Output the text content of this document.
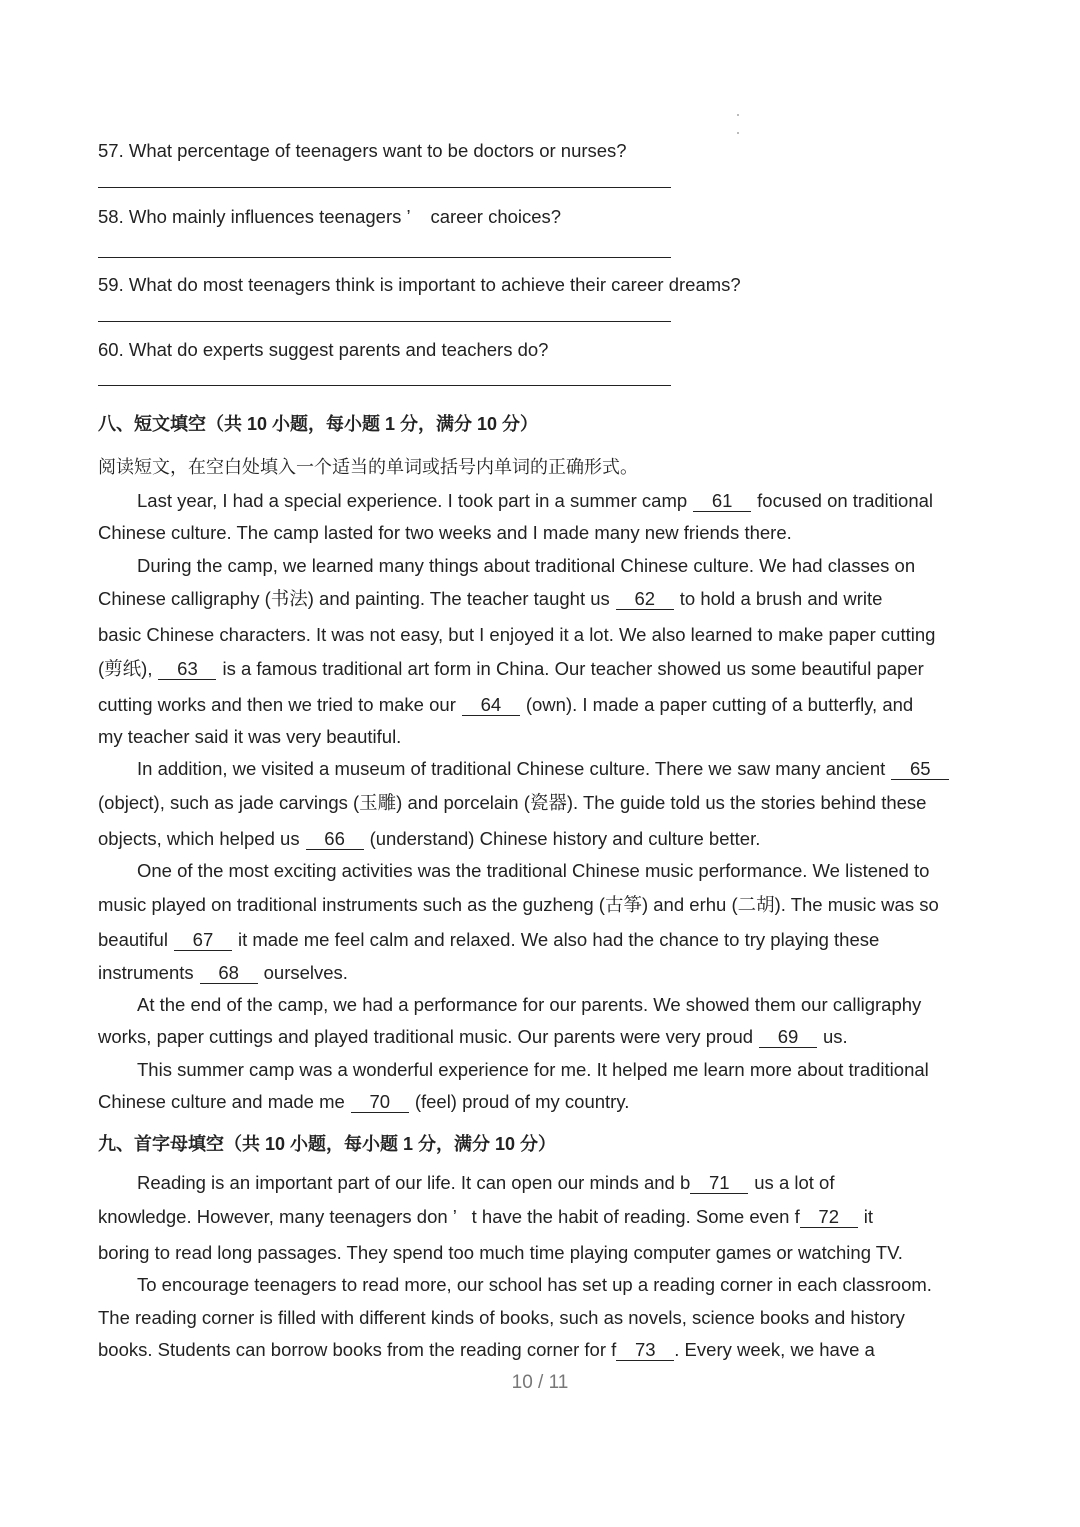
57. What percentage of teenagers want to be doctors or nurses?
58. Who mainly influences teenagers ’    career choices?
59. What do most teenagers think is important to achieve their career dreams?
60. What do experts suggest parents and teachers do?
八、短文填空（共 10 小题，每小题 1 分，满分 10 分）
阅读短文，在空白处填入一个适当的单词或括号内单词的正确形式。
Last year, I had a special experience. I took part in a summer camp 61 focused on traditional
Chinese culture. The camp lasted for two weeks and I made many new friends there.
During the camp, we learned many things about traditional Chinese culture. We had classes on
Chinese calligraphy (书法) and painting. The teacher taught us 62 to hold a brush and write
basic Chinese characters. It was not easy, but I enjoyed it a lot. We also learned to make paper cutting
(剪纸), 63 is a famous traditional art form in China. Our teacher showed us some beautiful paper
cutting works and then we tried to make our 64 (own). I made a paper cutting of a butterfly, and
my teacher said it was very beautiful.
In addition, we visited a museum of traditional Chinese culture. There we saw many ancient 65
(object), such as jade carvings (玉雕) and porcelain (瓷器). The guide told us the stories behind these
objects, which helped us 66 (understand) Chinese history and culture better.
One of the most exciting activities was the traditional Chinese music performance. We listened to
music played on traditional instruments such as the guzheng (古筝) and erhu (二胡). The music was so
beautiful 67 it made me feel calm and relaxed. We also had the chance to try playing these
instruments 68 ourselves.
At the end of the camp, we had a performance for our parents. We showed them our calligraphy
works, paper cuttings and played traditional music. Our parents were very proud 69 us.
This summer camp was a wonderful experience for me. It helped me learn more about traditional
Chinese culture and made me 70 (feel) proud of my country.
九、首字母填空（共 10 小题，每小题 1 分，满分 10 分）
Reading is an important part of our life. It can open our minds and b 71 us a lot of
knowledge. However, many teenagers don ’   t have the habit of reading. Some even f 72 it
boring to read long passages. They spend too much time playing computer games or watching TV.
To encourage teenagers to read more, our school has set up a reading corner in each classroom.
The reading corner is filled with different kinds of books, such as novels, science books and history
books. Students can borrow books from the reading corner for f 73 . Every week, we have a
10 / 11
